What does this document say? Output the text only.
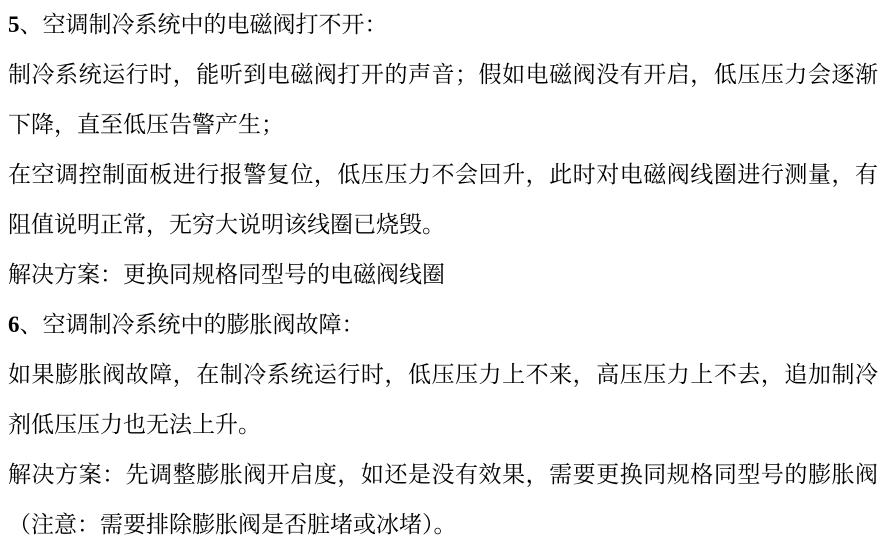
5、空调制冷系统中的电磁阀打不开：

制冷系统运行时，能听到电磁阀打开的声音；假如电磁阀没有开启，低压压力会逐渐

下降，直至低压告警产生；

在空调控制面板进行报警复位，低压压力不会回升，此时对电磁阀线圈进行测量，有

阻值说明正常，无穷大说明该线圈已烧毁。

解决方案：更换同规格同型号的电磁阀线圈

6、空调制冷系统中的膨胀阀故障：

如果膨胀阀故障，在制冷系统运行时，低压压力上不来，高压压力上不去，追加制冷

剂低压压力也无法上升。

解决方案：先调整膨胀阀开启度，如还是没有效果，需要更换同规格同型号的膨胀阀

（注意：需要排除膨胀阀是否脏堵或冰堵）。
